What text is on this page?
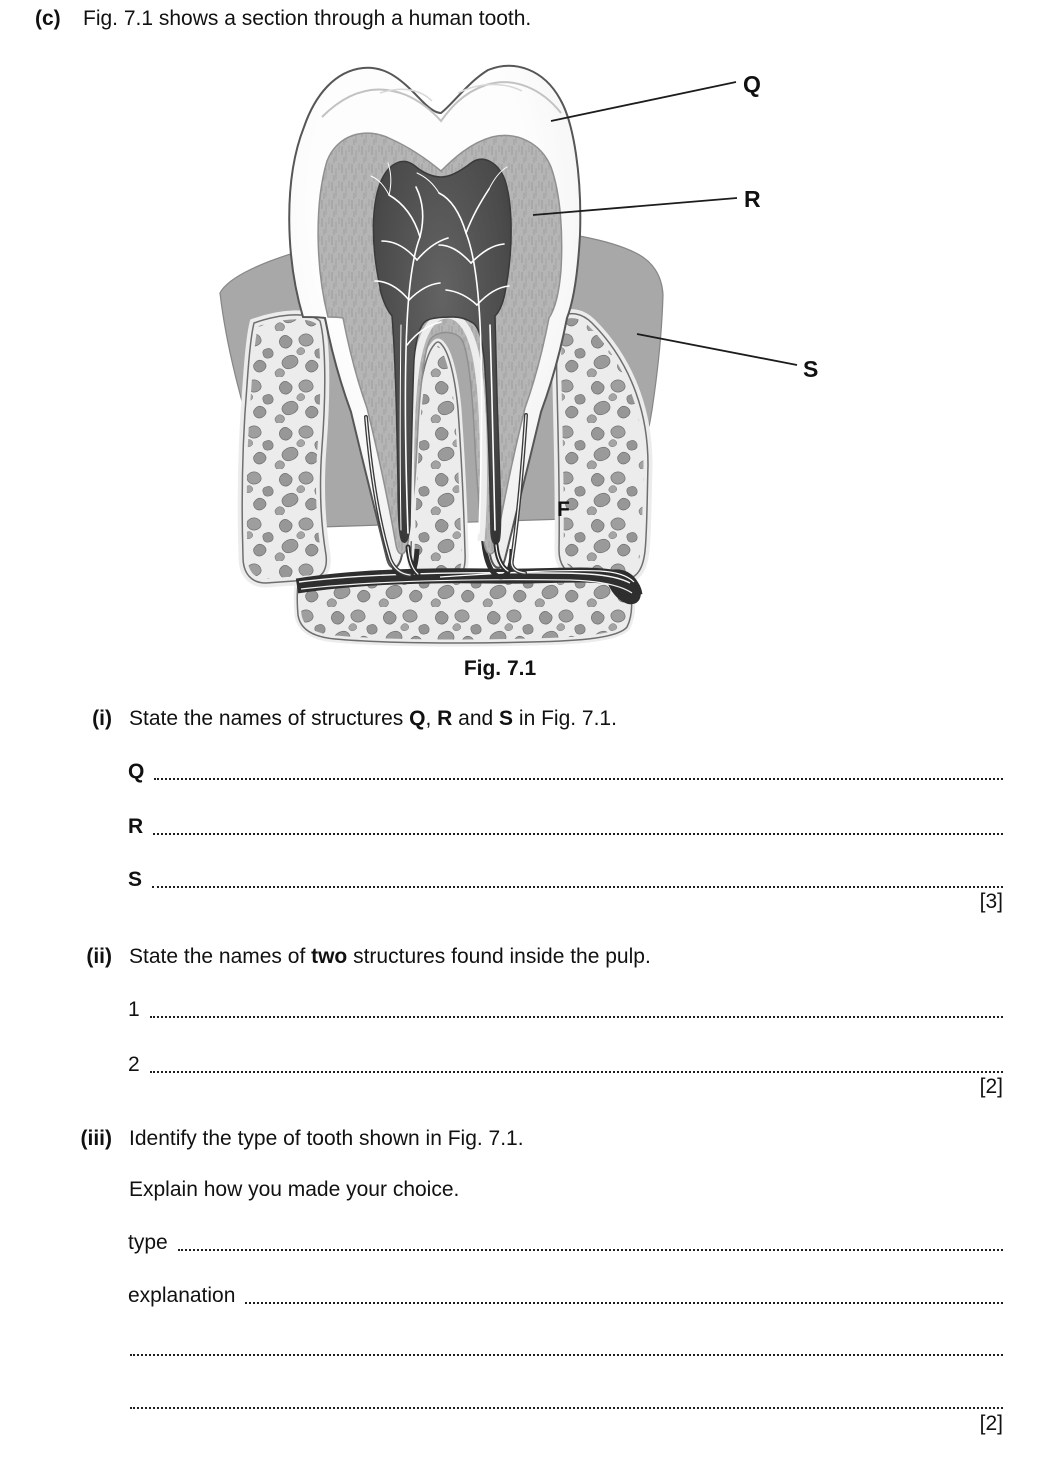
(c)	Fig. 7.1 shows a section through a human tooth.
Q
R
S
F
Fig. 7.1
(i) State the names of structures Q, R and S in Fig. 7.1.
Q
R
S
[3]
(ii) State the names of two structures found inside the pulp.
1
2
[2]
(iii) Identify the type of tooth shown in Fig. 7.1.
Explain how you made your choice.
type
explanation
[2]
